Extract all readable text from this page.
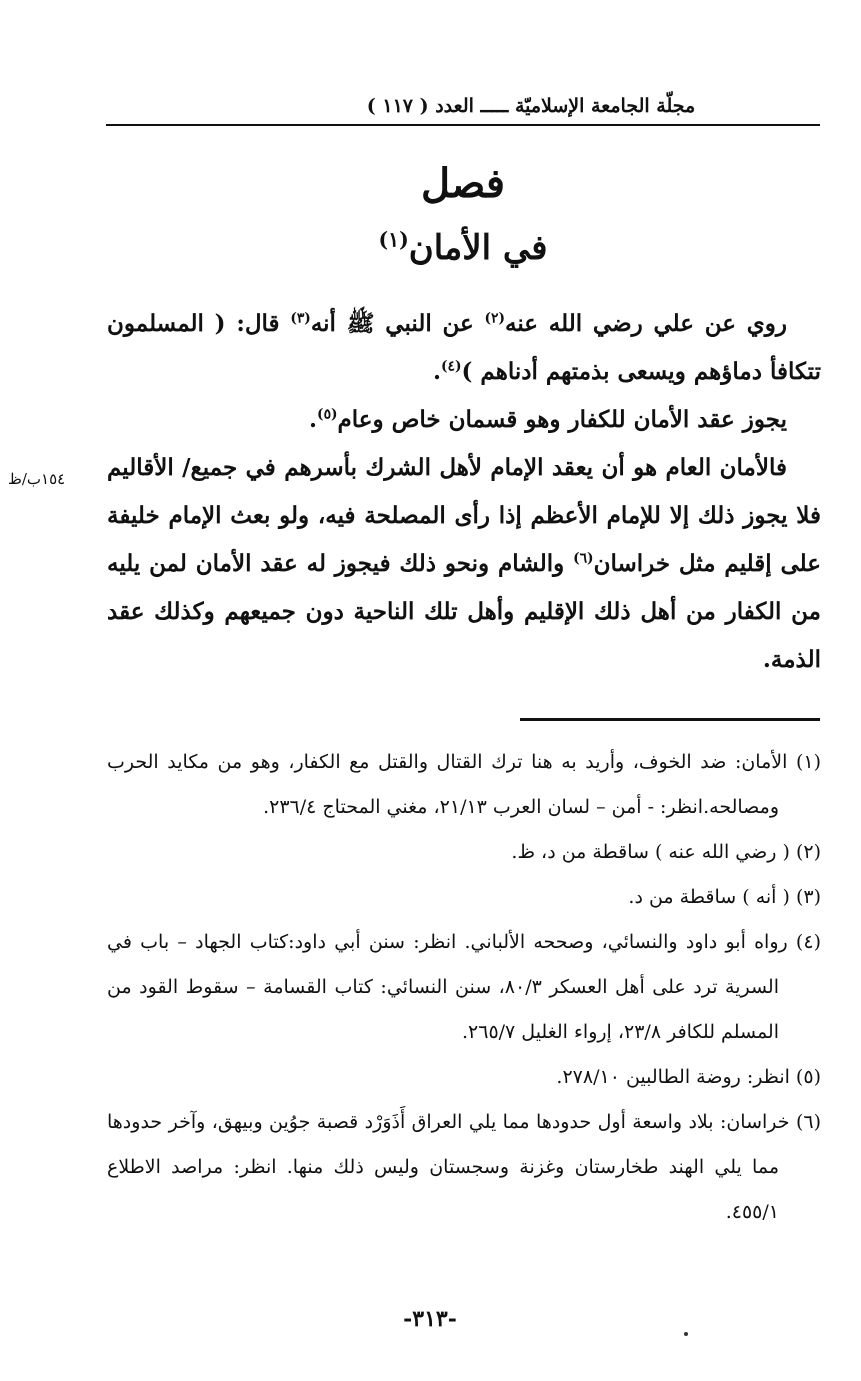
مجلّة الجامعة الإسلاميّة ـــــ العدد ( ١١٧ )
فصل
في الأمان$^{(١)}$

روي عن علي رضي الله عنه$^{(٢)}$ عن النبي ﷺ أنه$^{(٣)}$ قال: ( المسلمون تتكافأ دماؤهم ويسعى بذمتهم أدناهم )$^{(٤)}$.

يجوز عقد الأمان للكفار وهو قسمان خاص وعام$^{(٥)}$.

فالأمان العام هو أن يعقد الإمام لأهل الشرك بأسرهم في جميع/ الأقاليم فلا يجوز ذلك إلا للإمام الأعظم إذا رأى المصلحة فيه، ولو بعث الإمام خليفة على إقليم مثل خراسان$^{(٦)}$ والشام ونحو ذلك فيجوز له عقد الأمان لمن يليه من الكفار من أهل ذلك الإقليم وأهل تلك الناحية دون جميعهم وكذلك عقد الذمة.

١٥٤ب/ظ

(١) الأمان: ضد الخوف، وأريد به هنا ترك القتال والقتل مع الكفار، وهو من مكايد الحرب ومصالحه.انظر: - أمن – لسان العرب ٢١/١٣، مغني المحتاج ٢٣٦/٤.

(٢) ( رضي الله عنه ) ساقطة من د، ظ.

(٣) ( أنه ) ساقطة من د.

(٤) رواه أبو داود والنسائي، وصححه الألباني. انظر: سنن أبي داود:كتاب الجهاد – باب في السرية ترد على أهل العسكر ٨٠/٣، سنن النسائي: كتاب القسامة – سقوط القود من المسلم للكافر ٢٣/٨، إرواء الغليل ٢٦٥/٧.

(٥) انظر: روضة الطالبين ٢٧٨/١٠.

(٦) خراسان: بلاد واسعة أول حدودها مما يلي العراق أَذَوَرْد قصبة جوُين وبيهق، وآخر حدودها مما يلي الهند طخارستان وغزنة وسجستان وليس ذلك منها. انظر: مراصد الاطلاع ٤٥٥/١.

-٣١٣-
